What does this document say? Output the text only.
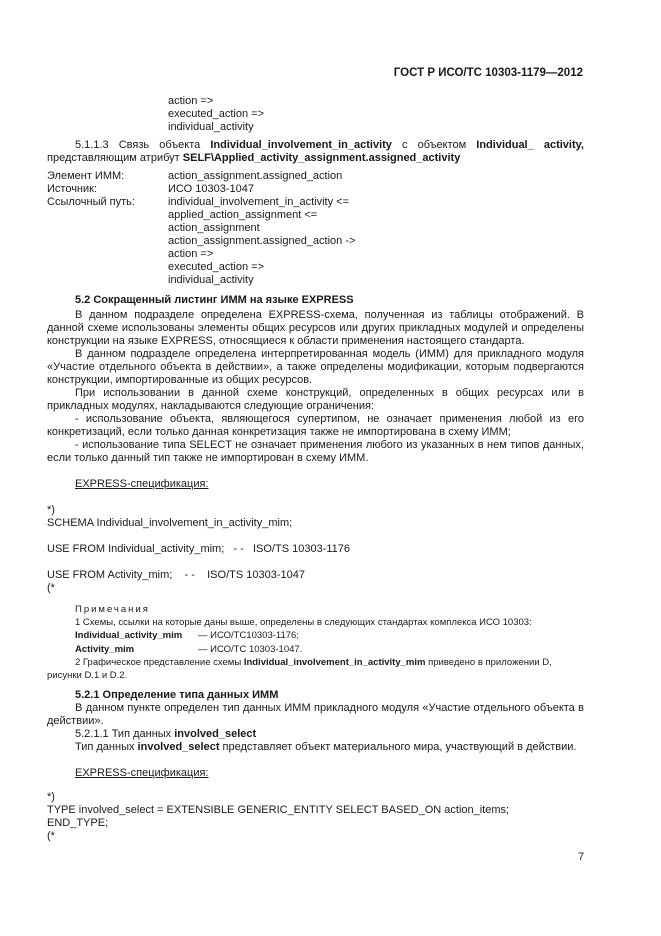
ГОСТ Р ИСО/ТС 10303-1179—2012
action =>
executed_action =>
individual_activity
5.1.1.3 Связь объекта Individual_involvement_in_activity с объектом Individual_ activity,
представляющим атрибут SELF\Applied_activity_assignment.assigned_activity
Элемент ИММ:	action_assignment.assigned_action
Источник:	ИСО 10303-1047
Ссылочный путь:	individual_involvement_in_activity <=
applied_action_assignment <=
action_assignment
action_assignment.assigned_action ->
action =>
executed_action =>
individual_activity
5.2 Сокращенный листинг ИММ на языке EXPRESS
В данном подразделе определена EXPRESS-схема, полученная из таблицы отображений. В данной схеме использованы элементы общих ресурсов или других прикладных модулей и определены конструкции на языке EXPRESS, относящиеся к области применения настоящего стандарта.
В данном подразделе определена интерпретированная модель (ИММ) для прикладного модуля «Участие отдельного объекта в действии», а также определены модификации, которым подвергаются конструкции, импортированные из общих ресурсов.
При использовании в данной схеме конструкций, определенных в общих ресурсах или в прикладных модулях, накладываются следующие ограничения:
- использование объекта, являющегося супертипом, не означает применения любой из его конкретизаций, если только данная конкретизация также не импортирована в схему ИММ;
- использование типа SELECT не означает применения любого из указанных в нем типов данных, если только данный тип также не импортирован в схему ИММ.
EXPRESS-спецификация:
*)
SCHEMA Individual_involvement_in_activity_mim;
USE FROM Individual_activity_mim;   - -   ISO/TS 10303-1176
USE FROM Activity_mim;    - -    ISO/TS 10303-1047
(*
Примечания
1 Схемы, ссылки на которые даны выше, определены в следующих стандартах комплекса ИСО 10303:
Individual_activity_mim — ИСО/ТС10303-1176;
Activity_mim	— ИСО/ТС 10303-1047.
2 Графическое представление схемы Individual_involvement_in_activity_mim приведено в приложении D,
рисунки D.1 и D.2.
5.2.1 Определение типа данных ИММ
В данном пункте определен тип данных ИММ прикладного модуля «Участие отдельного объекта в действии».
5.2.1.1 Тип данных involved_select
Тип данных involved_select представляет объект материального мира, участвующий в действии.
EXPRESS-спецификация:
*)
TYPE involved_select = EXTENSIBLE GENERIC_ENTITY SELECT BASED_ON action_items;
END_TYPE;
(*
7
